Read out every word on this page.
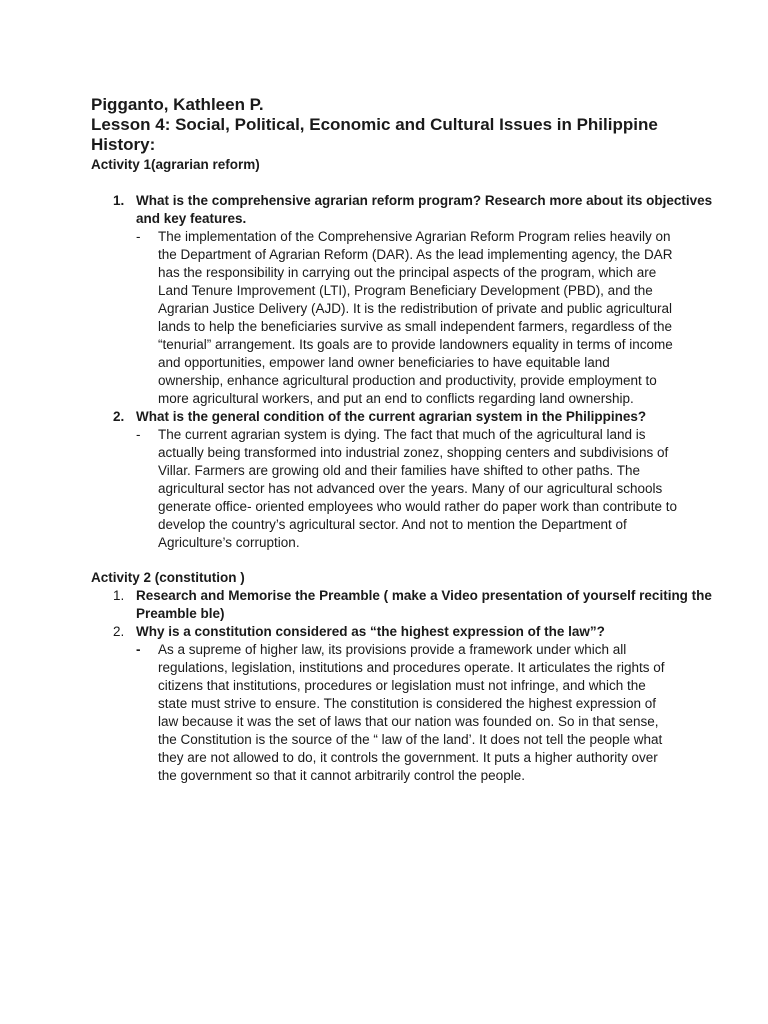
Pigganto, Kathleen P.
Lesson 4: Social, Political, Economic and Cultural Issues in Philippine History:
Activity 1(agrarian reform)
1. What is the comprehensive agrarian reform program? Research more about its objectives and key features.

- The implementation of the Comprehensive Agrarian Reform Program relies heavily on the Department of Agrarian Reform (DAR). As the lead implementing agency, the DAR has the responsibility in carrying out the principal aspects of the program, which are Land Tenure Improvement (LTI), Program Beneficiary Development (PBD), and the Agrarian Justice Delivery (AJD). It is the redistribution of private and public agricultural lands to help the beneficiaries survive as small independent farmers, regardless of the “tenurial” arrangement. Its goals are to provide landowners equality in terms of income and opportunities, empower land owner beneficiaries to have equitable land ownership, enhance agricultural production and productivity, provide employment to more agricultural workers, and put an end to conflicts regarding land ownership.

2. What is the general condition of the current agrarian system in the Philippines?

- The current agrarian system is dying. The fact that much of the agricultural land is actually being transformed into industrial zonez, shopping centers and subdivisions of Villar. Farmers are growing old and their families have shifted to other paths. The agricultural sector has not advanced over the years. Many of our agricultural schools generate office- oriented employees who would rather do paper work than contribute to develop the country’s agricultural sector. And not to mention the Department of Agriculture’s corruption.

Activity 2 (constitution )
1. Research and Memorise the Preamble ( make a Video presentation of yourself reciting the Preamble ble)

2. Why is a constitution considered as “the highest expression of the law”?

- As a supreme of higher law, its provisions provide a framework under which all regulations, legislation, institutions and procedures operate. It articulates the rights of citizens that institutions, procedures or legislation must not infringe, and which the state must strive to ensure. The constitution is considered the highest expression of law because it was the set of laws that our nation was founded on. So in that sense, the Constitution is the source of the “ law of the land’. It does not tell the people what they are not allowed to do, it controls the government. It puts a higher authority over the government so that it cannot arbitrarily control the people.
